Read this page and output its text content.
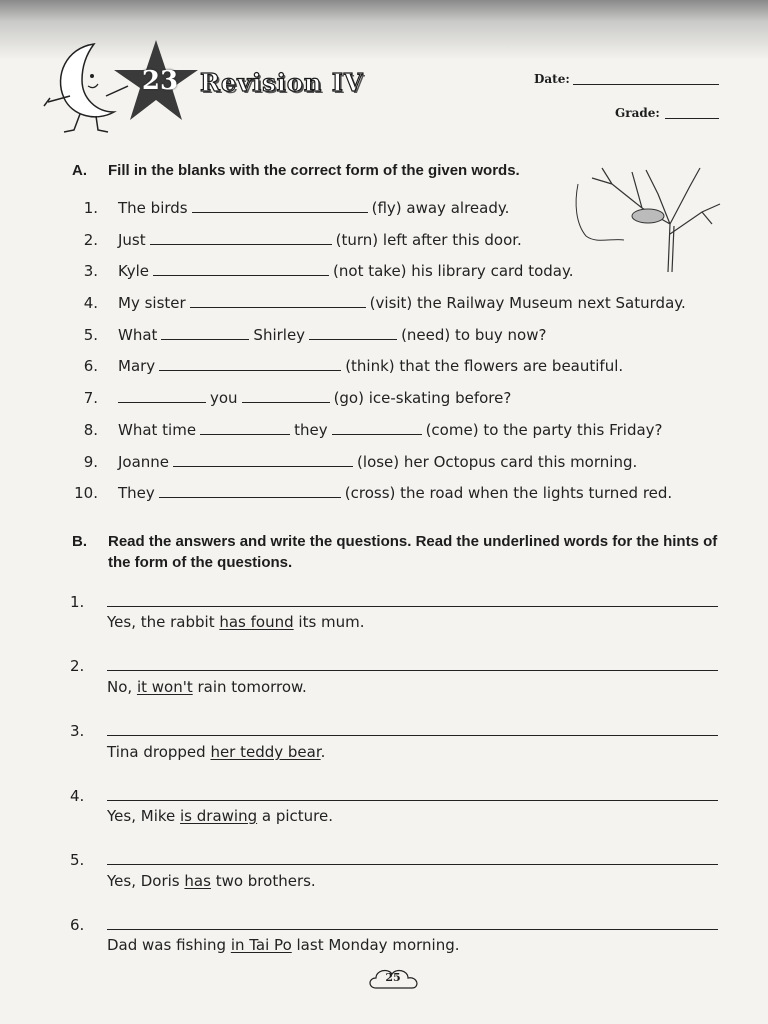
23 Revision IV	Date:
Grade:
A. Fill in the blanks with the correct form of the given words.
1. The birds	(fly) away already.
2. Just	(turn) left after this door.
3. Kyle	(not take) his library card today.
4. My sister	(visit) the Railway Museum next Saturday.
5. What	Shirley	(need) to buy now?
6. Mary	(think) that the flowers are beautiful.
7.	you	(go) ice-skating before?
8. What time	they	(come) to the party this Friday?
9. Joanne	(lose) her Octopus card this morning.
10. They	(cross) the road when the lights turned red.
B. Read the answers and write the questions. Read the underlined words for the hints of the form of the questions.
1.
Yes, the rabbit has found its mum.
2.
No, it won't rain tomorrow.
3.
Tina dropped her teddy bear.
4.
Yes, Mike is drawing a picture.
5.
Yes, Doris has two brothers.
6.
Dad was fishing in Tai Po last Monday morning.
25
